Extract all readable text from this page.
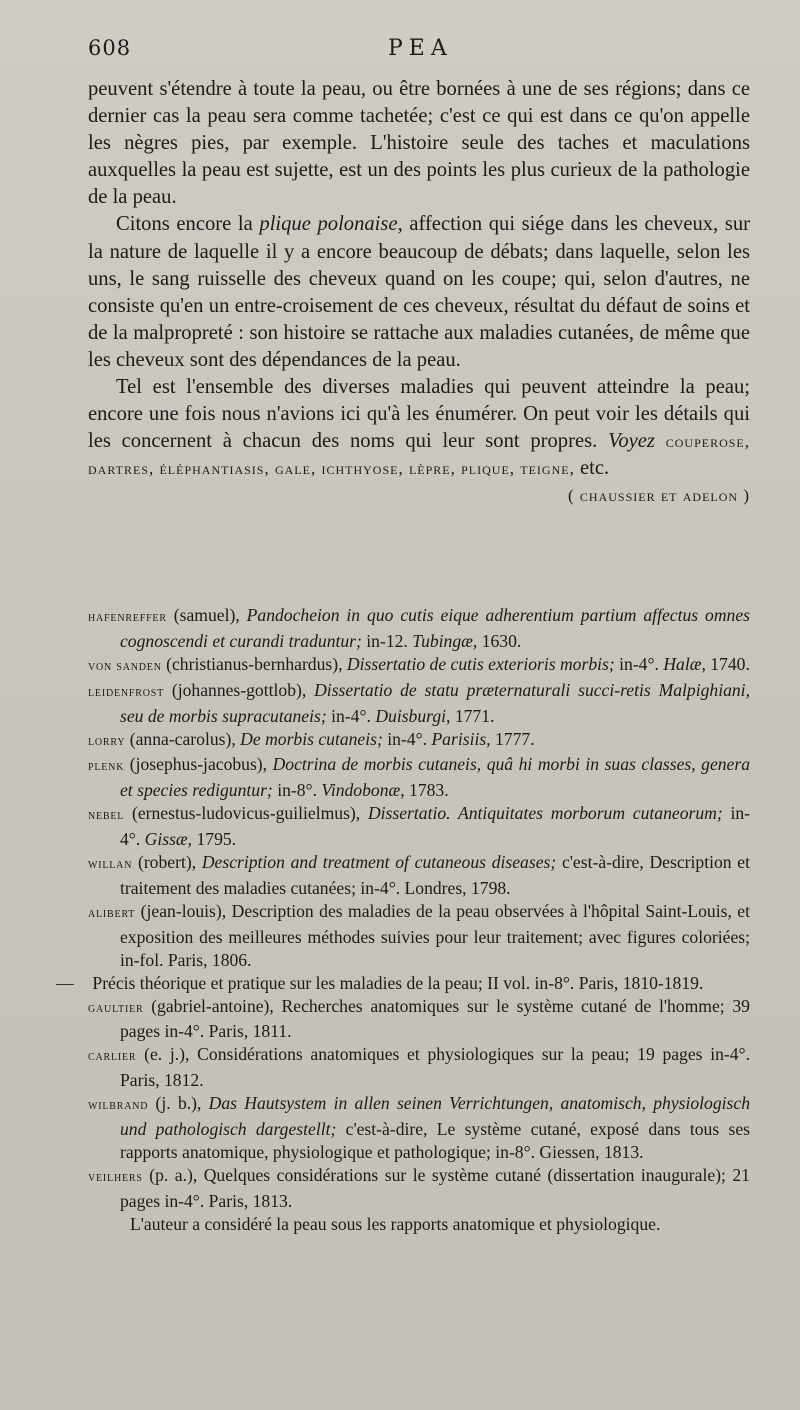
608	PEA

peuvent s'étendre à toute la peau, ou être bornées à une de ses régions; dans ce dernier cas la peau sera comme tachetée; c'est ce qui est dans ce qu'on appelle les nègres pies, par exemple. L'histoire seule des taches et maculations auxquelles la peau est sujette, est un des points les plus curieux de la pathologie de la peau.

Citons encore la plique polonaise, affection qui siége dans les cheveux, sur la nature de laquelle il y a encore beaucoup de débats; dans laquelle, selon les uns, le sang ruisselle des cheveux quand on les coupe; qui, selon d'autres, ne consiste qu'en un entre-croisement de ces cheveux, résultat du défaut de soins et de la malpropreté : son histoire se rattache aux maladies cutanées, de même que les cheveux sont des dépendances de la peau.

Tel est l'ensemble des diverses maladies qui peuvent atteindre la peau; encore une fois nous n'avions ici qu'à les énumérer. On peut voir les détails qui les concernent à chacun des noms qui leur sont propres. Voyez couperose, dartres, éléphantiasis, gale, ichthyose, lèpre, plique, teigne, etc.

( chaussier et adelon )

hafenreffer (samuel), Pandocheion in quo cutis eique adherentium partium affectus omnes cognoscendi et curandi traduntur; in-12. Tubingæ, 1630.

von sanden (christianus-bernhardus), Dissertatio de cutis exterioris morbis; in-4°. Halæ, 1740.

leidenfrost (johannes-gottlob), Dissertatio de statu præternaturali succi-retis Malpighiani, seu de morbis supracutaneis; in-4°. Duisburgi, 1771.

lorry (anna-carolus), De morbis cutaneis; in-4°. Parisiis, 1777.

plenk (josephus-jacobus), Doctrina de morbis cutaneis, quâ hi morbi in suas classes, genera et species rediguntur; in-8°. Vindobonæ, 1783.

nebel (ernestus-ludovicus-guilielmus), Dissertatio. Antiquitates morborum cutaneorum; in-4°. Gissæ, 1795.

willan (robert), Description and treatment of cutaneous diseases; c'est-à-dire, Description et traitement des maladies cutanées; in-4°. Londres, 1798.

alibert (jean-louis), Description des maladies de la peau observées à l'hôpital Saint-Louis, et exposition des meilleures méthodes suivies pour leur traitement; avec figures coloriées; in-fol. Paris, 1806.

— Précis théorique et pratique sur les maladies de la peau; II vol. in-8°. Paris, 1810-1819.

gaultier (gabriel-antoine), Recherches anatomiques sur le système cutané de l'homme; 39 pages in-4°. Paris, 1811.

carlier (e. j.), Considérations anatomiques et physiologiques sur la peau; 19 pages in-4°. Paris, 1812.

wilbrand (j. b.), Das Hautsystem in allen seinen Verrichtungen, anatomisch, physiologisch und pathologisch dargestellt; c'est-à-dire, Le système cutané, exposé dans tous ses rapports anatomique, physiologique et pathologique; in-8°. Giessen, 1813.

veilhers (p. a.), Quelques considérations sur le système cutané (dissertation inaugurale); 21 pages in-4°. Paris, 1813.

L'auteur a considéré la peau sous les rapports anatomique et physiologique.
